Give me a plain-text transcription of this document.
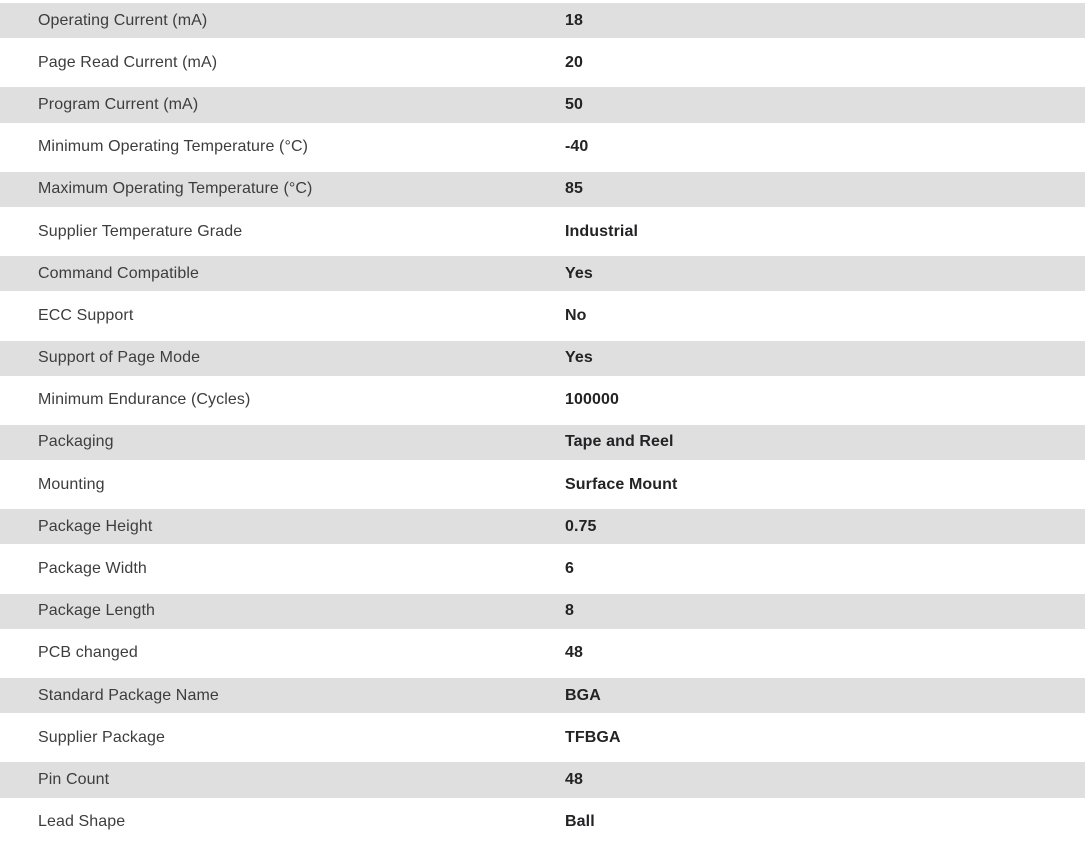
Operating Current (mA)	18
Page Read Current (mA)	20
Program Current (mA)	50
Minimum Operating Temperature (°C)	-40
Maximum Operating Temperature (°C)	85
Supplier Temperature Grade	Industrial
Command Compatible	Yes
ECC Support	No
Support of Page Mode	Yes
Minimum Endurance (Cycles)	100000
Packaging	Tape and Reel
Mounting	Surface Mount
Package Height	0.75
Package Width	6
Package Length	8
PCB changed	48
Standard Package Name	BGA
Supplier Package	TFBGA
Pin Count	48
Lead Shape	Ball
